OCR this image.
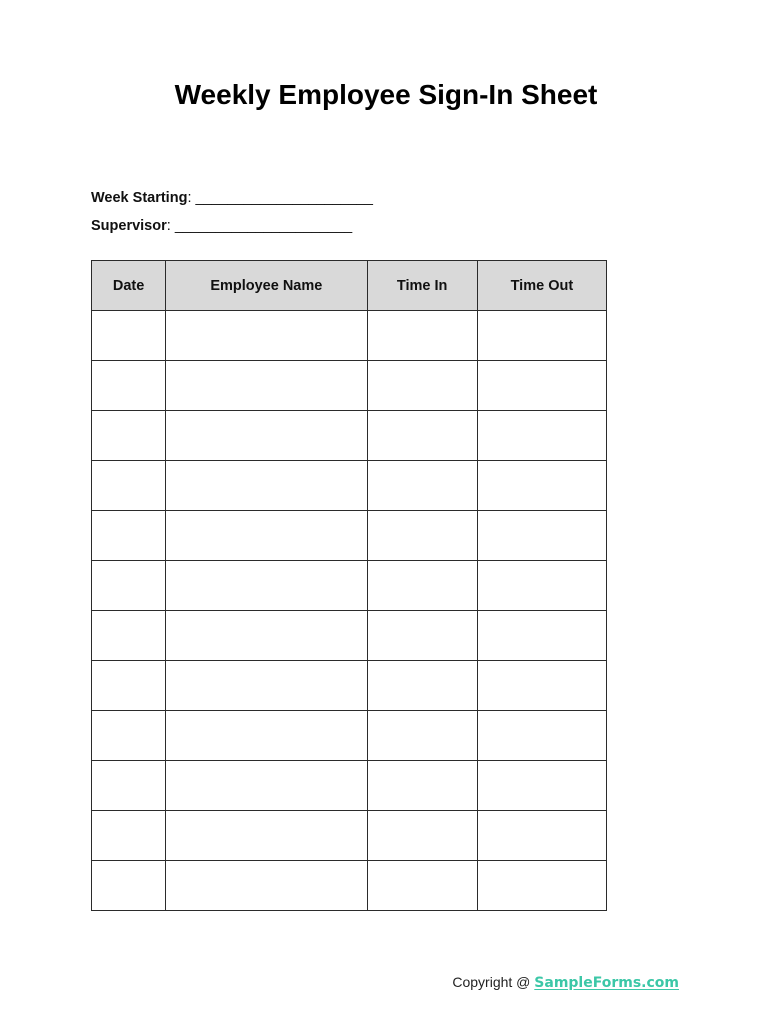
Weekly Employee Sign-In Sheet
Week Starting: ______________________
Supervisor: ______________________
Date	Employee Name	Time In	Time Out

Copyright @ SampleForms.com
